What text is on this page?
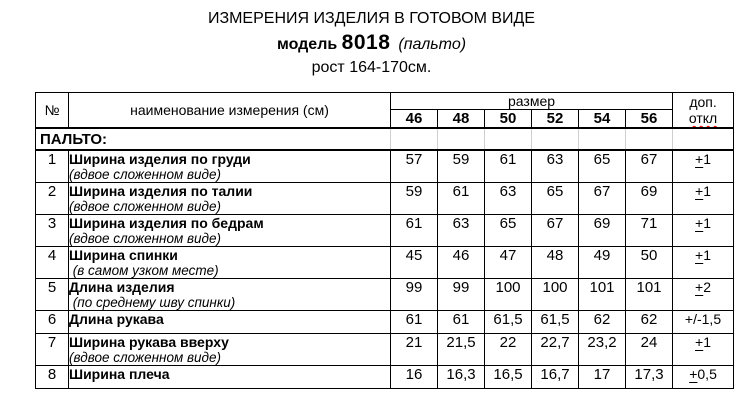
ИЗМЕРЕНИЯ ИЗДЕЛИЯ В ГОТОВОМ ВИДЕ
модель 8018 (пальто)
рост 164-170см.
№	наименование измерения (см)	размер						доп.
откл

		46	48	50	52	54	56	
ПАЛЬТО:								
1	Ширина изделия по груди
(вдвое сложенном виде)	57	59	61	63	65	67	+1
2	Ширина изделия по талии
(вдвое сложенном виде)	59	61	63	65	67	69	+1
3	Ширина изделия по бедрам
(вдвое сложенном виде)	61	63	65	67	69	71	+1
4	Ширина спинки
(в самом узком месте)	45	46	47	48	49	50	+1
5	Длина изделия
(по среднему шву спинки)	99	99	100	100	101	101	+2
6	Длина рукава	61	61	61,5	61,5	62	62	+/-1,5
7	Ширина рукава вверху
(вдвое сложенном виде)	21	21,5	22	22,7	23,2	24	+1
8	Ширина плеча	16	16,3	16,5	16,7	17	17,3	+0,5
